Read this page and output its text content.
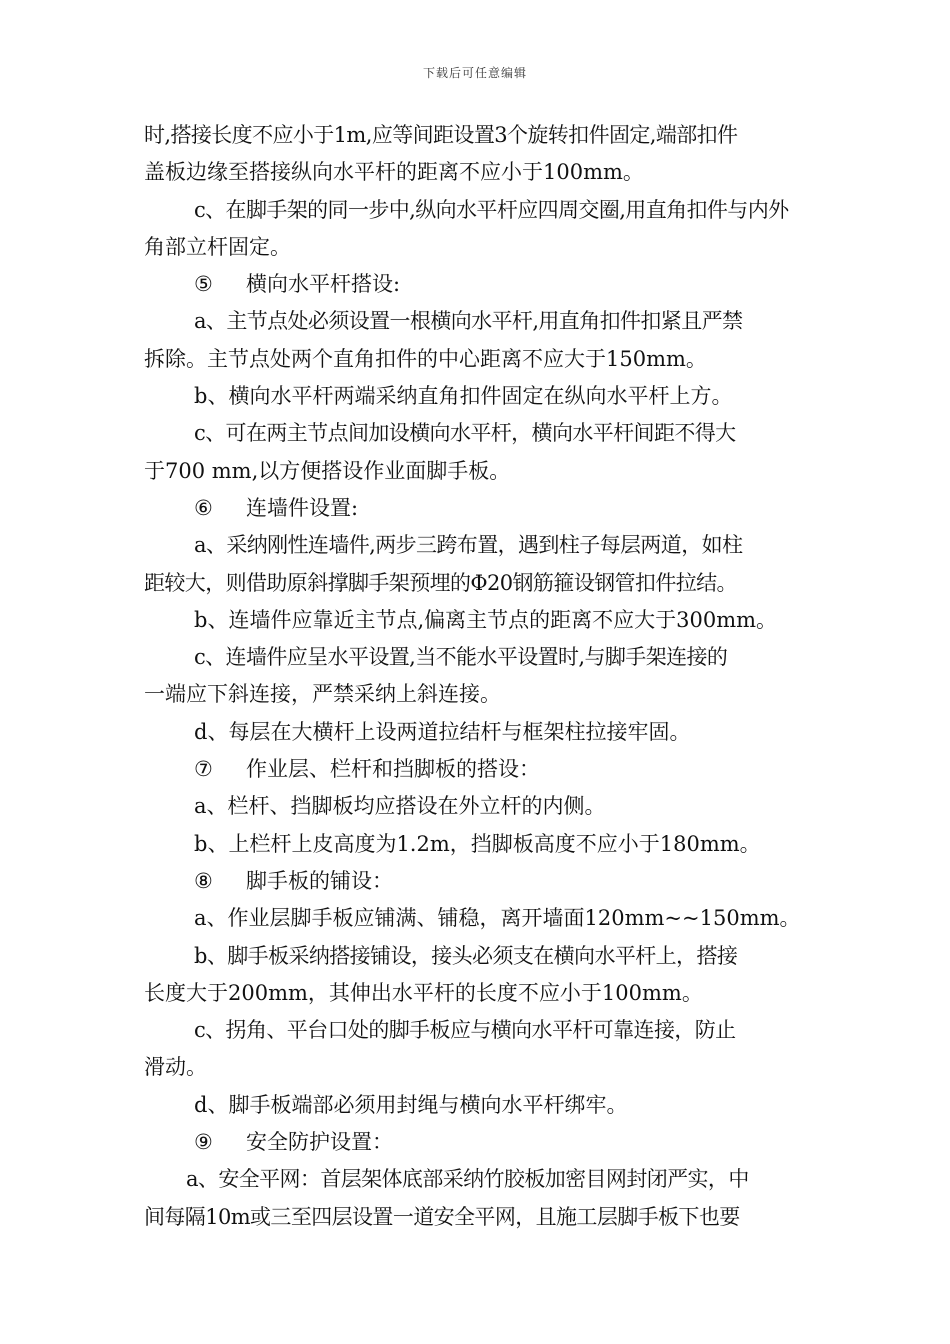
下载后可任意编辑
时,搭接长度不应小于1m,应等间距设置3个旋转扣件固定,端部扣件
盖板边缘至搭接纵向水平杆的距离不应小于100mm。
c、在脚手架的同一步中,纵向水平杆应四周交圈,用直角扣件与内外
角部立杆固定。
⑤ 横向水平杆搭设:
a、主节点处必须设置一根横向水平杆,用直角扣件扣紧且严禁
拆除。主节点处两个直角扣件的中心距离不应大于150mm。
b、横向水平杆两端采纳直角扣件固定在纵向水平杆上方。
c、可在两主节点间加设横向水平杆，横向水平杆间距不得大
于700 mm,以方便搭设作业面脚手板。
⑥ 连墙件设置:
a、采纳刚性连墙件,两步三跨布置，遇到柱子每层两道，如柱
距较大，则借助原斜撑脚手架预埋的Φ20钢筋箍设钢管扣件拉结。
b、连墙件应靠近主节点,偏离主节点的距离不应大于300mm。
c、连墙件应呈水平设置,当不能水平设置时,与脚手架连接的
一端应下斜连接，严禁采纳上斜连接。
d、每层在大横杆上设两道拉结杆与框架柱拉接牢固。
⑦ 作业层、栏杆和挡脚板的搭设：
a、栏杆、挡脚板均应搭设在外立杆的内侧。
b、上栏杆上皮高度为1.2m，挡脚板高度不应小于180mm。
⑧ 脚手板的铺设：
a、作业层脚手板应铺满、铺稳，离开墙面120mm~~150mm。
b、脚手板采纳搭接铺设，接头必须支在横向水平杆上，搭接
长度大于200mm，其伸出水平杆的长度不应小于100mm。
c、拐角、平台口处的脚手板应与横向水平杆可靠连接，防止
滑动。
d、脚手板端部必须用封绳与横向水平杆绑牢。
⑨ 安全防护设置：
a、安全平网：首层架体底部采纳竹胶板加密目网封闭严实，中
间每隔10m或三至四层设置一道安全平网，且施工层脚手板下也要
